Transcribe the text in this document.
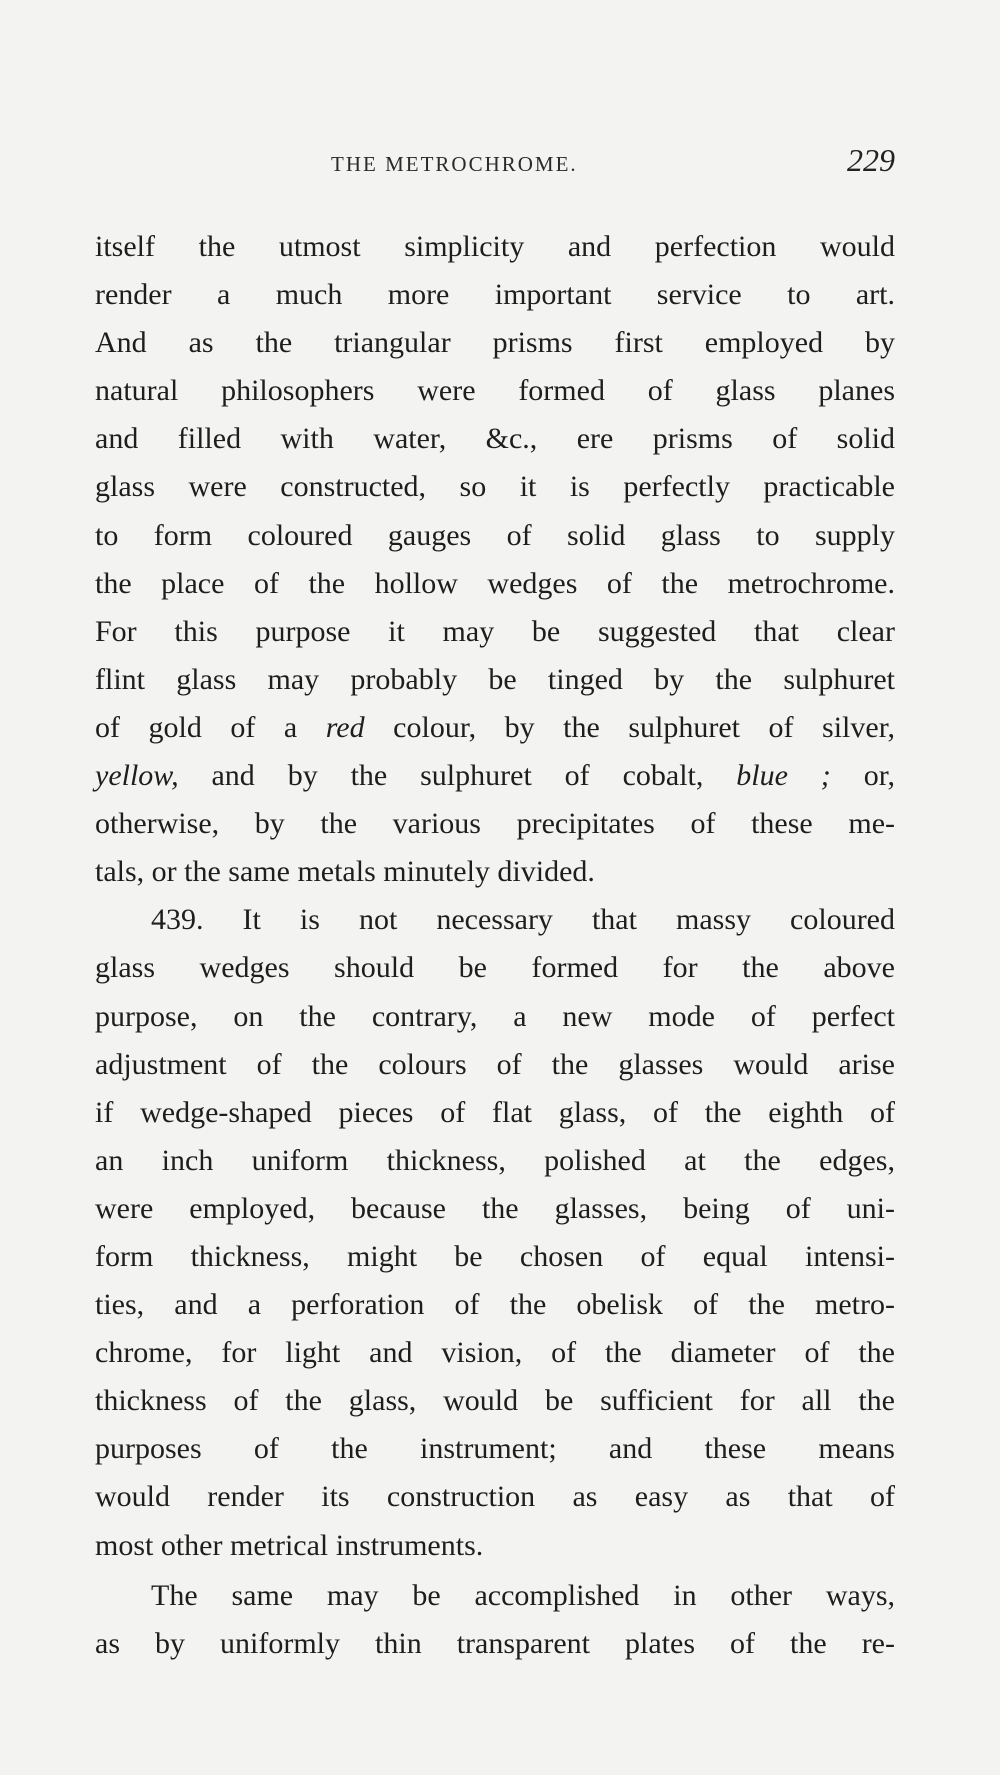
THE METROCHROME.	229
itself the utmost simplicity and perfection would
render a much more important service to art.
And as the triangular prisms first employed by
natural philosophers were formed of glass planes
and filled with water, &c., ere prisms of solid
glass were constructed, so it is perfectly practicable
to form coloured gauges of solid glass to supply
the place of the hollow wedges of the metrochrome.
For this purpose it may be suggested that clear
flint glass may probably be tinged by the sulphuret
of gold of a red colour, by the sulphuret of silver,
yellow, and by the sulphuret of cobalt, blue ; or,
otherwise, by the various precipitates of these me-
tals, or the same metals minutely divided.
439. It is not necessary that massy coloured
glass wedges should be formed for the above
purpose, on the contrary, a new mode of perfect
adjustment of the colours of the glasses would arise
if wedge-shaped pieces of flat glass, of the eighth of
an inch uniform thickness, polished at the edges,
were employed, because the glasses, being of uni-
form thickness, might be chosen of equal intensi-
ties, and a perforation of the obelisk of the metro-
chrome, for light and vision, of the diameter of the
thickness of the glass, would be sufficient for all the
purposes of the instrument; and these means
would render its construction as easy as that of
most other metrical instruments.
The same may be accomplished in other ways,
as by uniformly thin transparent plates of the re-
